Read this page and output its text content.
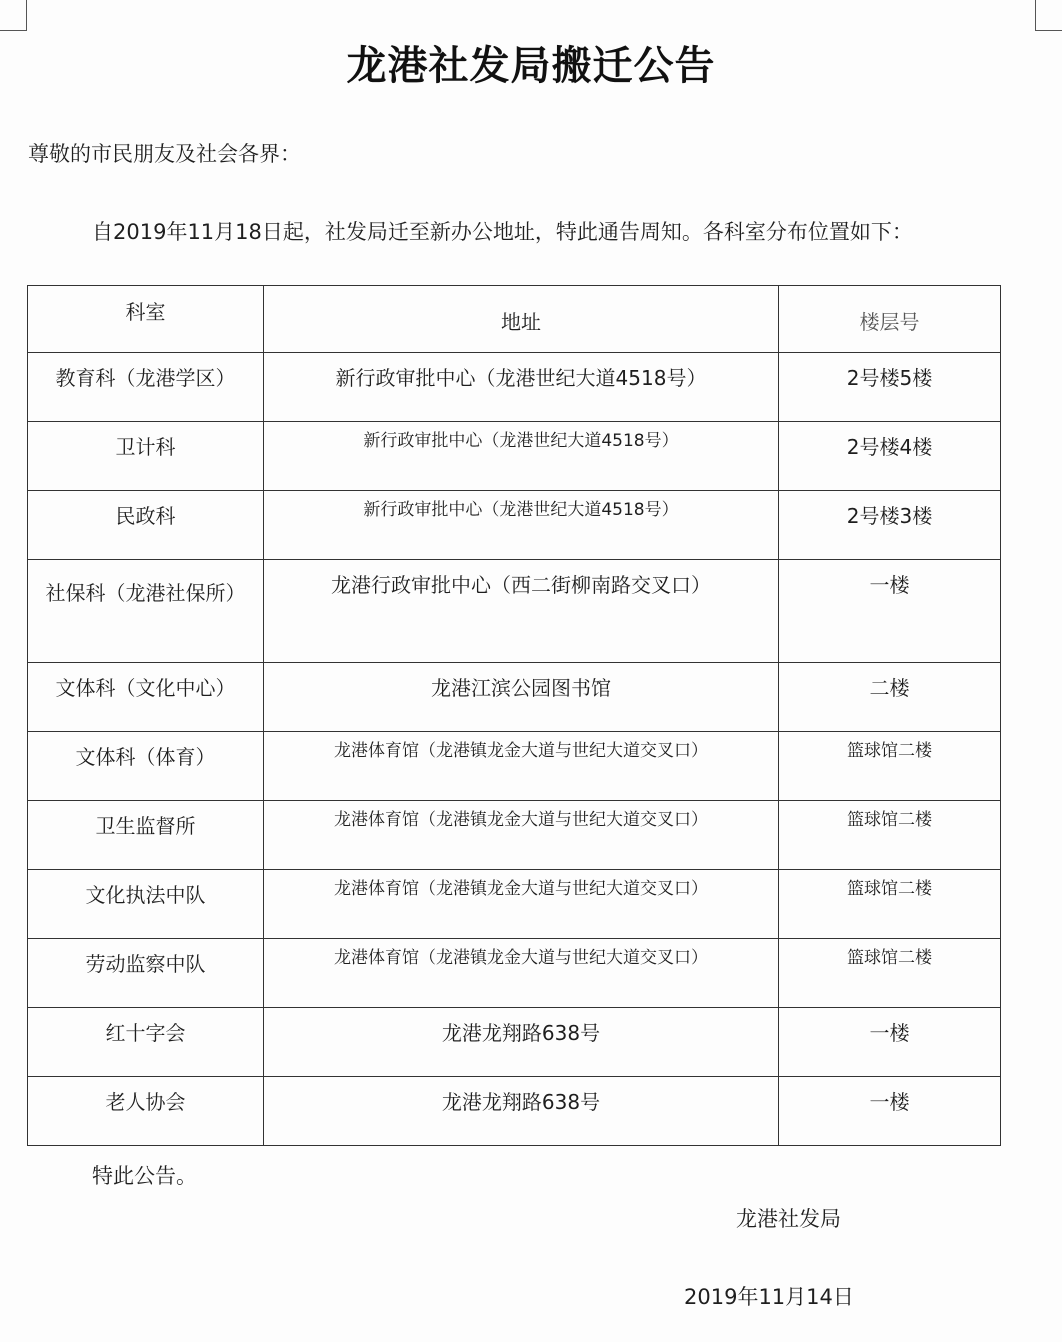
龙港社发局搬迁公告
尊敬的市民朋友及社会各界：
自2019年11月18日起，社发局迁至新办公地址，特此通告周知。各科室分布位置如下：
科室	地址	楼层号

教育科（龙港学区）	新行政审批中心（龙港世纪大道4518号）	2号楼5楼

卫计科	新行政审批中心（龙港世纪大道4518号）	2号楼4楼

民政科	新行政审批中心（龙港世纪大道4518号）	2号楼3楼

社保科（龙港社保所）	龙港行政审批中心（西二街柳南路交叉口）	一楼

文体科（文化中心）	龙港江滨公园图书馆	二楼

文体科（体育）	龙港体育馆（龙港镇龙金大道与世纪大道交叉口）	篮球馆二楼

卫生监督所	龙港体育馆（龙港镇龙金大道与世纪大道交叉口）	篮球馆二楼

文化执法中队	龙港体育馆（龙港镇龙金大道与世纪大道交叉口）	篮球馆二楼

劳动监察中队	龙港体育馆（龙港镇龙金大道与世纪大道交叉口）	篮球馆二楼

红十字会	龙港龙翔路638号	一楼

老人协会	龙港龙翔路638号	一楼
特此公告。
龙港社发局
2019年11月14日
